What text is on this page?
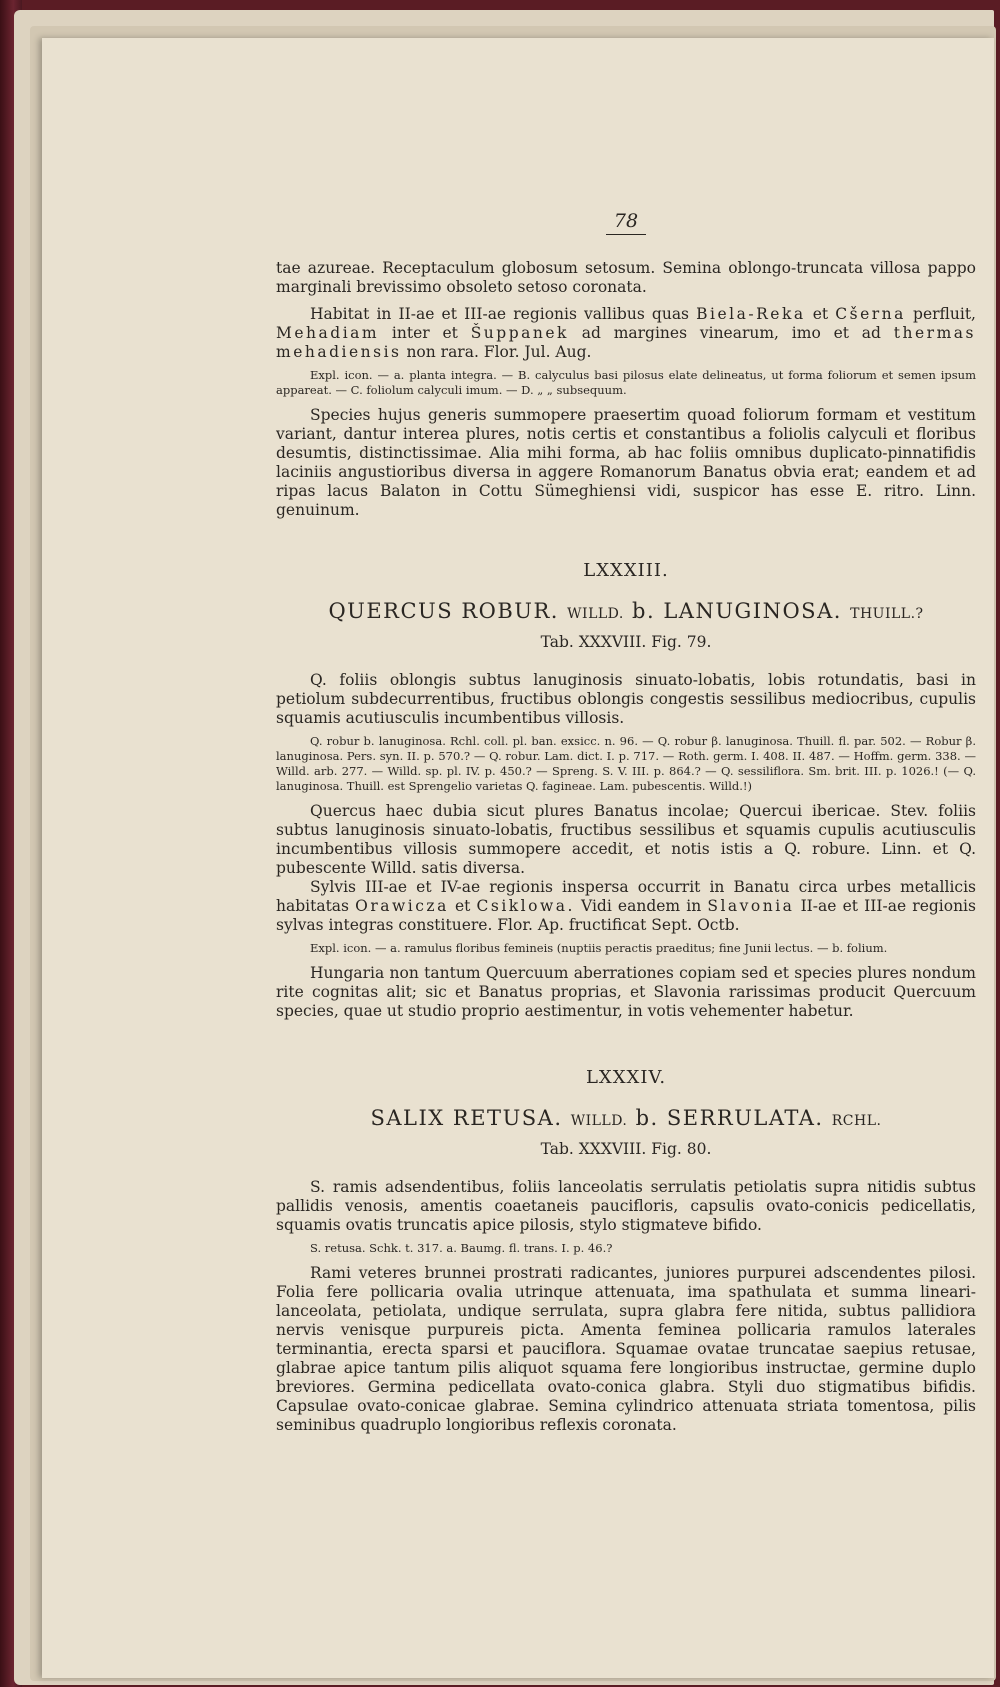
78

tae azureae. Receptaculum globosum setosum. Semina oblongo-truncata villosa pappo marginali brevissimo obsoleto setoso coronata.

Habitat in II-ae et III-ae regionis vallibus quas Biela-Reka et Cšerna perfluit, Mehadiam inter et Šuppanek ad margines vinearum, imo et ad thermas mehadiensis non rara. Flor. Jul. Aug.

Expl. icon. — a. planta integra. — B. calyculus basi pilosus elate delineatus, ut forma foliorum et semen ipsum appareat. — C. foliolum calyculi imum. — D. „ „ subsequum.

Species hujus generis summopere praesertim quoad foliorum formam et vestitum variant, dantur interea plures, notis certis et constantibus a foliolis calyculi et floribus desumtis, distinctissimae. Alia mihi forma, ab hac foliis omnibus duplicato-pinnatifidis laciniis angustioribus diversa in aggere Romanorum Banatus obvia erat; eandem et ad ripas lacus Balaton in Cottu Sümeghiensi vidi, suspicor has esse E. ritro. Linn. genuinum.

LXXXIII.
QUERCUS ROBUR. WILLD. b. LANUGINOSA. THUILL.?
Tab. XXXVIII. Fig. 79.

Q. foliis oblongis subtus lanuginosis sinuato-lobatis, lobis rotundatis, basi in petiolum subdecurrentibus, fructibus oblongis congestis sessilibus mediocribus, cupulis squamis acutiusculis incumbentibus villosis.

Q. robur b. lanuginosa. Rchl. coll. pl. ban. exsicc. n. 96. — Q. robur β. lanuginosa. Thuill. fl. par. 502. — Robur β. lanuginosa. Pers. syn. II. p. 570.? — Q. robur. Lam. dict. I. p. 717. — Roth. germ. I. 408. II. 487. — Hoffm. germ. 338. — Willd. arb. 277. — Willd. sp. pl. IV. p. 450.? — Spreng. S. V. III. p. 864.? — Q. sessiliflora. Sm. brit. III. p. 1026.! (— Q. lanuginosa. Thuill. est Sprengelio varietas Q. fagineae. Lam. pubescentis. Willd.!)

Quercus haec dubia sicut plures Banatus incolae; Quercui ibericae. Stev. foliis subtus lanuginosis sinuato-lobatis, fructibus sessilibus et squamis cupulis acutiusculis incumbentibus villosis summopere accedit, et notis istis a Q. robure. Linn. et Q. pubescente Willd. satis diversa.

Sylvis III-ae et IV-ae regionis inspersa occurrit in Banatu circa urbes metallicis habitatas Orawicza et Csiklowa. Vidi eandem in Slavonia II-ae et III-ae regionis sylvas integras constituere. Flor. Ap. fructificat Sept. Octb.

Expl. icon. — a. ramulus floribus femineis (nuptiis peractis praeditus; fine Junii lectus. — b. folium.

Hungaria non tantum Quercuum aberrationes copiam sed et species plures nondum rite cognitas alit; sic et Banatus proprias, et Slavonia rarissimas producit Quercuum species, quae ut studio proprio aestimentur, in votis vehementer habetur.

LXXXIV.
SALIX RETUSA. WILLD. b. SERRULATA. RCHL.
Tab. XXXVIII. Fig. 80.

S. ramis adsendentibus, foliis lanceolatis serrulatis petiolatis supra nitidis subtus pallidis venosis, amentis coaetaneis paucifloris, capsulis ovato-conicis pedicellatis, squamis ovatis truncatis apice pilosis, stylo stigmateve bifido.

S. retusa. Schk. t. 317. a. Baumg. fl. trans. I. p. 46.?

Rami veteres brunnei prostrati radicantes, juniores purpurei adscendentes pilosi. Folia fere pollicaria ovalia utrinque attenuata, ima spathulata et summa lineari-lanceolata, petiolata, undique serrulata, supra glabra fere nitida, subtus pallidiora nervis venisque purpureis picta. Amenta feminea pollicaria ramulos laterales terminantia, erecta sparsi et pauciflora. Squamae ovatae truncatae saepius retusae, glabrae apice tantum pilis aliquot squama fere longioribus instructae, germine duplo breviores. Germina pedicellata ovato-conica glabra. Styli duo stigmatibus bifidis. Capsulae ovato-conicae glabrae. Semina cylindrico attenuata striata tomentosa, pilis seminibus quadruplo longioribus reflexis coronata.
